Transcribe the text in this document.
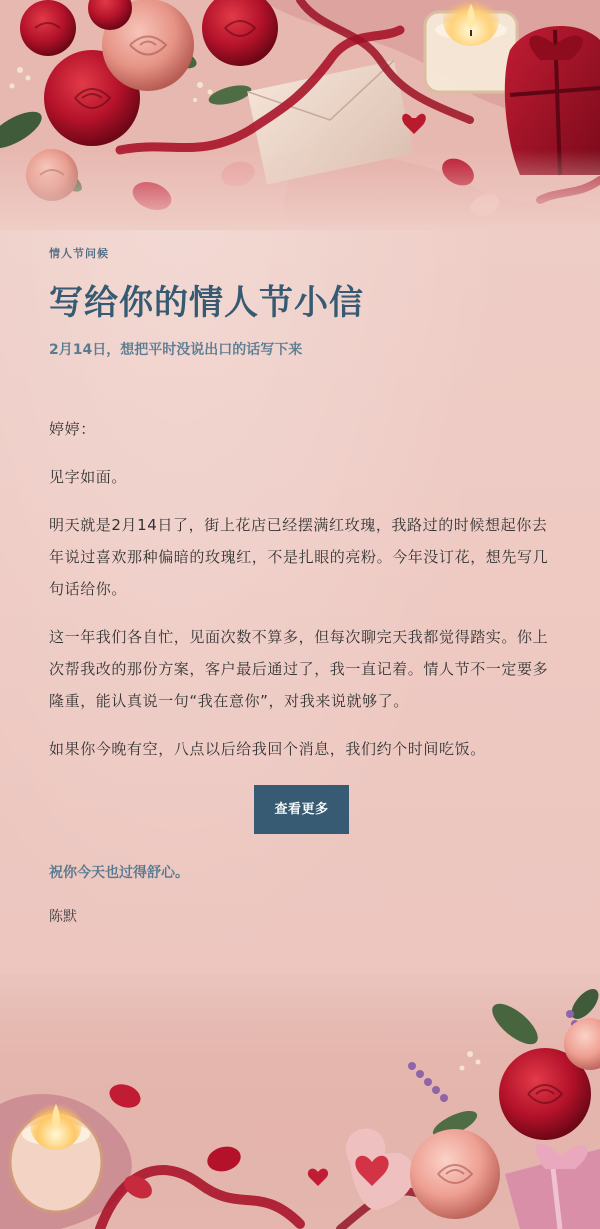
情人节问候

写给你的情人节小信

2月14日，想把平时没说出口的话写下来

婷婷：

见字如面。

明天就是2月14日了，街上花店已经摆满红玫瑰，我路过的时候想起你去年说过喜欢那种偏暗的玫瑰红，不是扎眼的亮粉。今年没订花，想先写几句话给你。

这一年我们各自忙，见面次数不算多，但每次聊完天我都觉得踏实。你上次帮我改的那份方案，客户最后通过了，我一直记着。情人节不一定要多隆重，能认真说一句“我在意你”，对我来说就够了。

如果你今晚有空，八点以后给我回个消息，我们约个时间吃饭。

查看更多

祝你今天也过得舒心。

陈默
